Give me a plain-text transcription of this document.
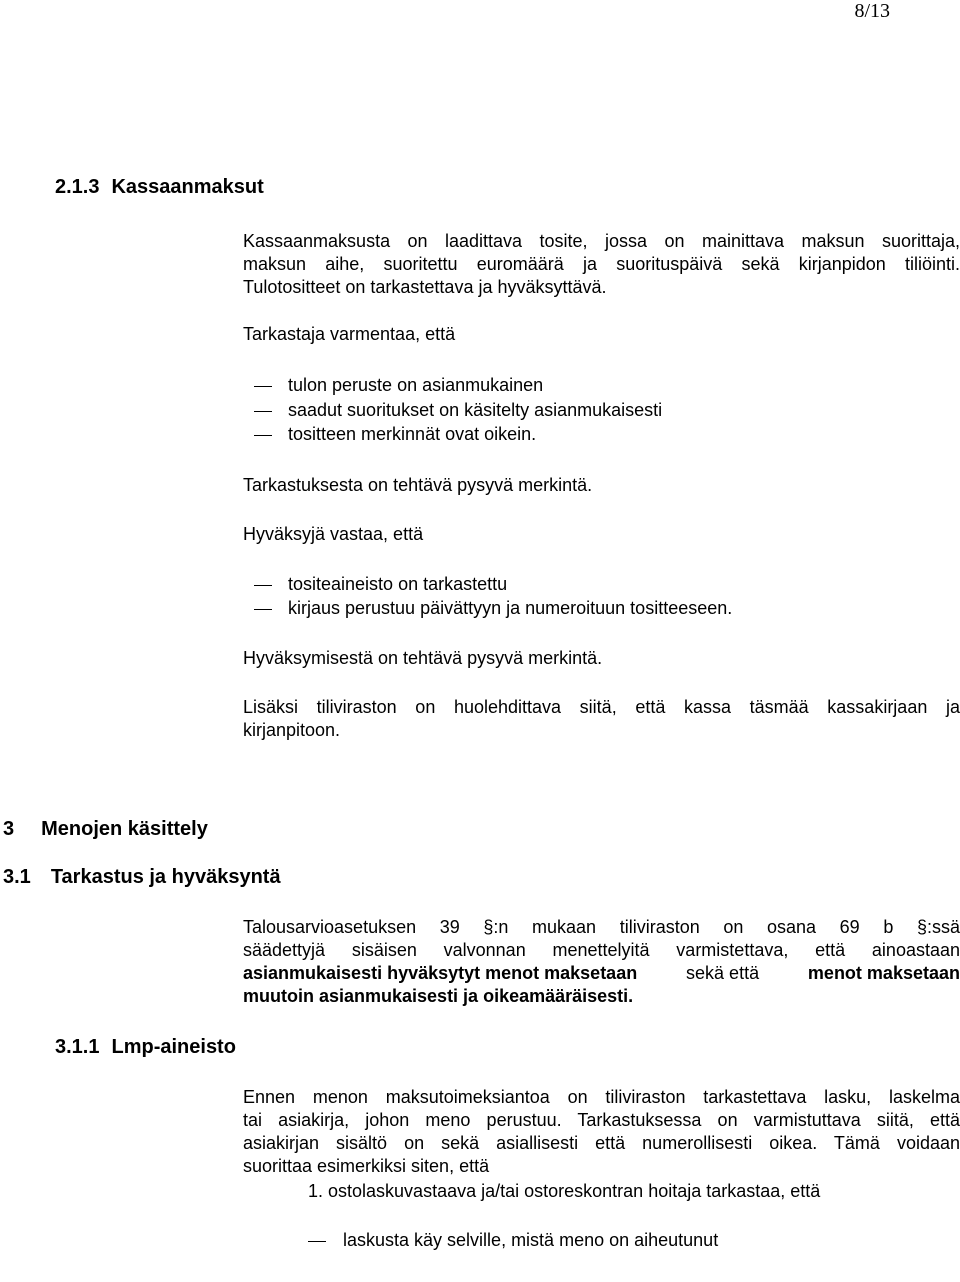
8/13
2.1.3 Kassaanmaksut
Kassaanmaksusta on laadittava tosite, jossa on mainittava maksun suorittaja,
maksun aihe, suoritettu euromäärä ja suorituspäivä sekä kirjanpidon tiliöinti.
Tulotositteet on tarkastettava ja hyväksyttävä.
Tarkastaja varmentaa, että
tulon peruste on asianmukainen
saadut suoritukset on käsitelty asianmukaisesti
tositteen merkinnät ovat oikein.
Tarkastuksesta on tehtävä pysyvä merkintä.
Hyväksyjä vastaa, että
tositeaineisto on tarkastettu
kirjaus perustuu päivättyyn ja numeroituun tositteeseen.
Hyväksymisestä on tehtävä pysyvä merkintä.
Lisäksi tiliviraston on huolehdittava siitä, että kassa täsmää kassakirjaan ja
kirjanpitoon.
3 Menojen käsittely
3.1 Tarkastus ja hyväksyntä
Talousarvioasetuksen 39 §:n mukaan tiliviraston on osana 69 b §:ssä
säädettyjä sisäisen valvonnan menettelyitä varmistettava, että ainoastaan
asianmukaisesti hyväksytyt menot maksetaan sekä että menot maksetaan
muutoin asianmukaisesti ja oikeamääräisesti.
3.1.1 Lmp-aineisto
Ennen menon maksutoimeksiantoa on tiliviraston tarkastettava lasku, laskelma
tai asiakirja, johon meno perustuu. Tarkastuksessa on varmistuttava siitä, että
asiakirjan sisältö on sekä asiallisesti että numerollisesti oikea. Tämä voidaan
suorittaa esimerkiksi siten, että
1. ostolaskuvastaava ja/tai ostoreskontran hoitaja tarkastaa, että
laskusta käy selville, mistä meno on aiheutunut
